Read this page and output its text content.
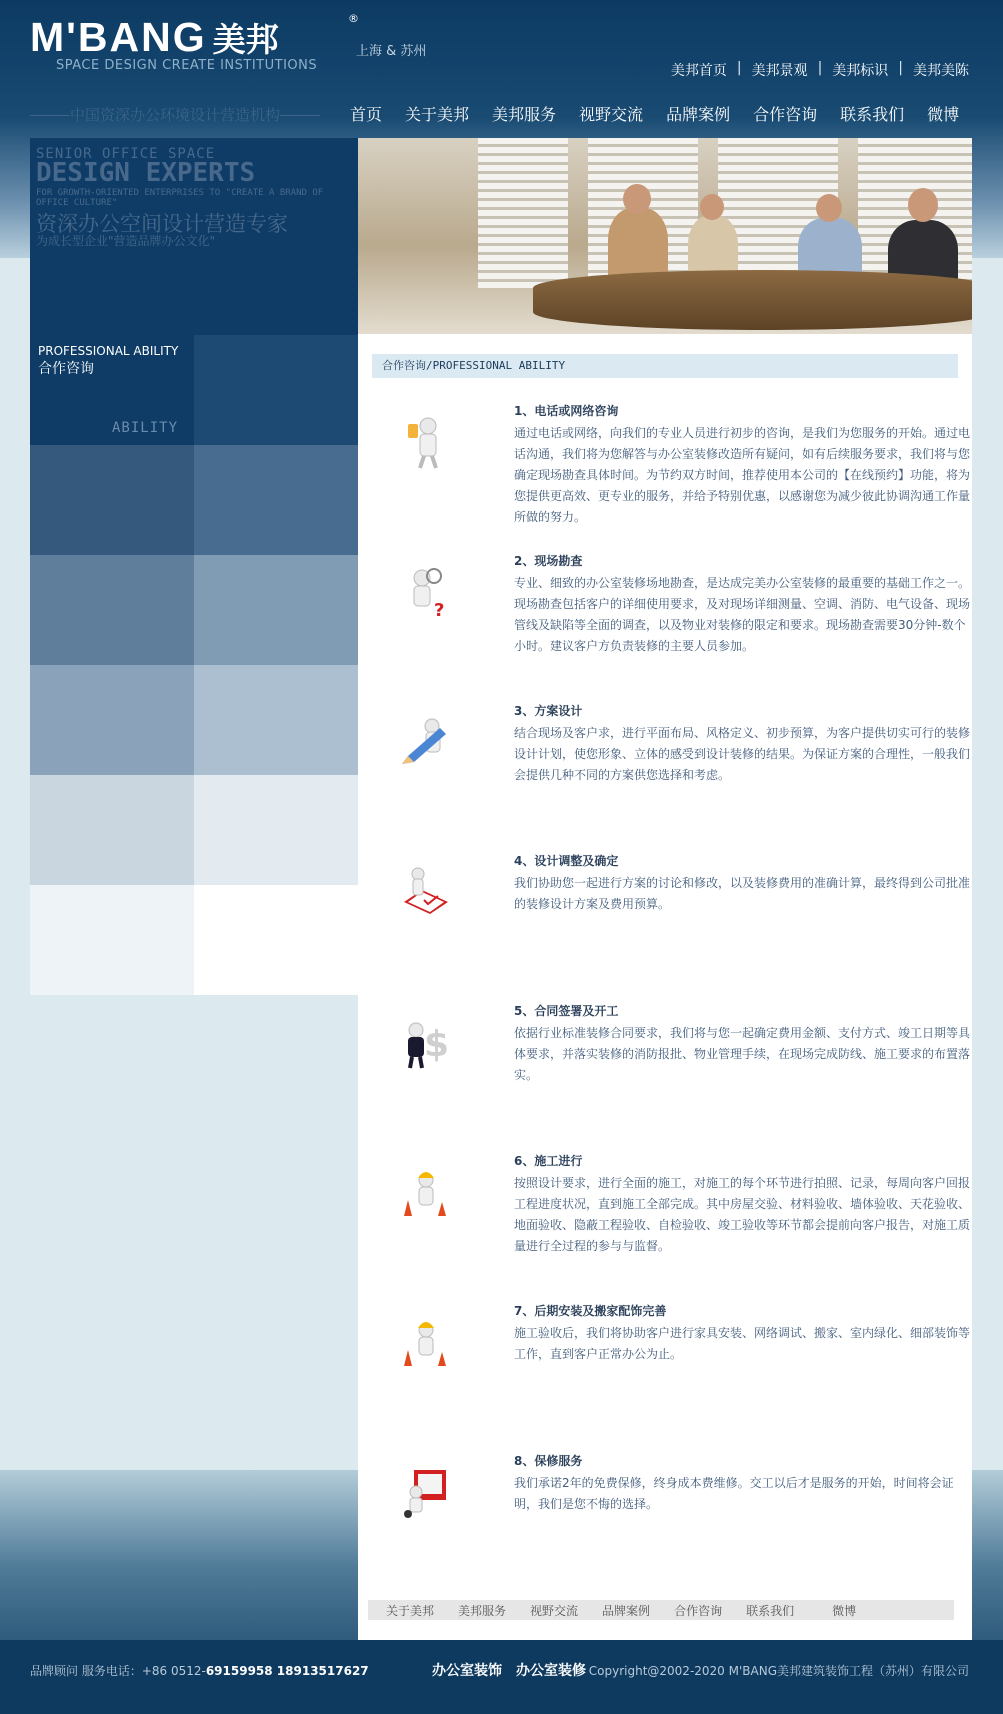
M'BANG 美邦
®
上海 & 苏州
SPACE DESIGN CREATE INSTITUTIONS	美邦首页 | 美邦景观 | 美邦标识 | 美邦美陈
中国资深办公环境设计营造机构	首页 关于美邦 美邦服务 视野交流 品牌案例 合作咨询 联系我们 微博
SENIOR OFFICE SPACE
DESIGN EXPERTS
FOR GROWTH-ORIENTED ENTERPRISES TO "CREATE A BRAND OF OFFICE CULTURE"
资深办公空间设计营造专家
为成长型企业"营造品牌办公文化"
PROFESSIONAL ABILITY
合作咨询
ABILITY
合作咨询/PROFESSIONAL ABILITY
1、电话或网络咨询

通过电话或网络，向我们的专业人员进行初步的咨询，是我们为您服务的开始。通过电话沟通，我们将为您解答与办公室装修改造所有疑问，如有后续服务要求，我们将与您确定现场勘查具体时间。为节约双方时间，推荐使用本公司的【在线预约】功能，将为您提供更高效、更专业的服务，并给予特别优惠，以感谢您为减少彼此协调沟通工作量所做的努力。

?
2、现场勘查

专业、细致的办公室装修场地勘查，是达成完美办公室装修的最重要的基础工作之一。现场勘查包括客户的详细使用要求，及对现场详细测量、空调、消防、电气设备、现场管线及缺陷等全面的调查，以及物业对装修的限定和要求。现场勘查需要30分钟-数个小时。建议客户方负责装修的主要人员参加。

3、方案设计

结合现场及客户求，进行平面布局、风格定义、初步预算，为客户提供切实可行的装修设计计划，使您形象、立体的感受到设计装修的结果。为保证方案的合理性，一般我们会提供几种不同的方案供您选择和考虑。

4、设计调整及确定

我们协助您一起进行方案的讨论和修改，以及装修费用的准确计算，最终得到公司批准的装修设计方案及费用预算。

$
5、合同签署及开工

依据行业标准装修合同要求，我们将与您一起确定费用金额、支付方式、竣工日期等具体要求，并落实装修的消防报批、物业管理手续，在现场完成防线、施工要求的布置落实。

6、施工进行

按照设计要求，进行全面的施工，对施工的每个环节进行拍照、记录，每周向客户回报工程进度状况，直到施工全部完成。其中房屋交验、材料验收、墙体验收、天花验收、地面验收、隐蔽工程验收、自检验收、竣工验收等环节都会提前向客户报告，对施工质量进行全过程的参与与监督。

7、后期安装及搬家配饰完善

施工验收后，我们将协助客户进行家具安装、网络调试、搬家、室内绿化、细部装饰等工作，直到客户正常办公为止。

8、保修服务

我们承诺2年的免费保修，终身成本费维修。交工以后才是服务的开始，时间将会证明，我们是您不悔的选择。

关于美邦 美邦服务 视野交流 品牌案例 合作咨询 联系我们	微博
品牌顾问 服务电话：+86 0512-69159958 18913517627	办公室装饰　办公室装修 Copyright@2002-2020 M'BANG美邦建筑装饰工程（苏州）有限公司
